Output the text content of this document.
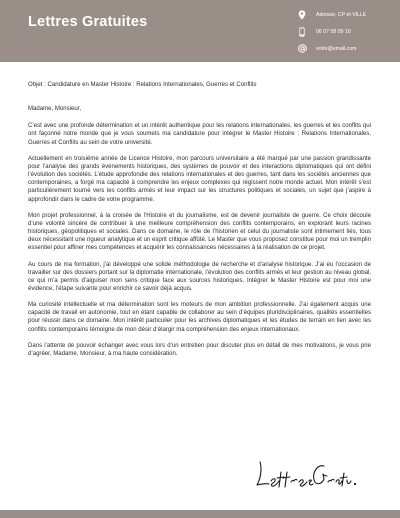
Lettres Gratuites	Adresse, CP et VILLE
06 07 08 09 10
votre@email.com

Objet : Candidature en Master Histoire : Relations Internationales, Guerres et Conflits

Madame, Monsieur,

C’est avec une profonde détermination et un intérêt authentique pour les relations internationales, les guerres et les conflits qui ont façonné notre monde que je vous soumets ma candidature pour intégrer le Master Histoire : Relations Internationales, Guerres et Conflits au sein de votre université.

Actuellement en troisième année de Licence Histoire, mon parcours universitaire a été marqué par une passion grandissante pour l’analyse des grands événements historiques, des systèmes de pouvoir et des interactions diplomatiques qui ont défini l’évolution des sociétés. L’étude approfondie des relations internationales et des guerres, tant dans les sociétés anciennes que contemporaines, a forgé ma capacité à comprendre les enjeux complexes qui régissent notre monde actuel. Mon intérêt s’est particulièrement tourné vers les conflits armés et leur impact sur les structures politiques et sociales, un sujet que j’aspire à approfondir dans le cadre de votre programme.

Mon projet professionnel, à la croisée de l’Histoire et du journalisme, est de devenir journaliste de guerre. Ce choix découle d’une volonté sincère de contribuer à une meilleure compréhension des conflits contemporains, en explorant leurs racines historiques, géopolitiques et sociales. Dans ce domaine, le rôle de l’historien et celui du journaliste sont intimement liés, tous deux nécessitant une rigueur analytique et un esprit critique affûté. Le Master que vous proposez constitue pour moi un tremplin essentiel pour affiner mes compétences et acquérir les connaissances nécessaires à la réalisation de ce projet.

Au cours de ma formation, j’ai développé une solide méthodologie de recherche et d’analyse historique. J’ai eu l’occasion de travailler sur des dossiers portant sur la diplomatie internationale, l’évolution des conflits armés et leur gestion au niveau global, ce qui m’a permis d’aiguiser mon sens critique face aux sources historiques. Intégrer le Master Histoire est pour moi une évidence, l’étape suivante pour enrichir ce savoir déjà acquis.

Ma curiosité intellectuelle et ma détermination sont les moteurs de mon ambition professionnelle. J’ai également acquis une capacité de travail en autonomie, tout en étant capable de collaborer au sein d’équipes pluridisciplinaires, qualités essentielles pour réussir dans ce domaine. Mon intérêt particulier pour les archives diplomatiques et les études de terrain en lien avec les conflits contemporains témoigne de mon désir d’élargir ma compréhension des enjeux internationaux.

Dans l’attente de pouvoir échanger avec vous lors d’un entretien pour discuter plus en détail de mes motivations, je vous prie d’agréer, Madame, Monsieur, à ma haute considération.
